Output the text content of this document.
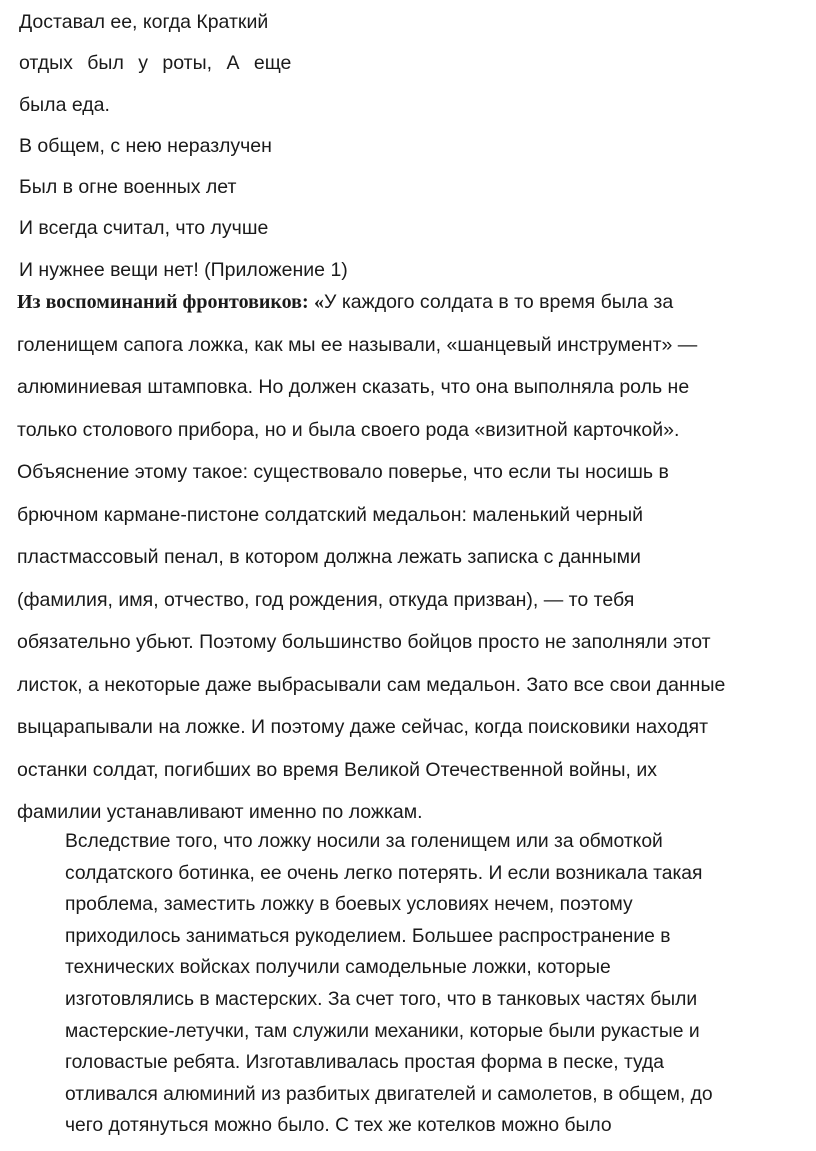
Доставал ее, когда Краткий
отдых был у роты, А еще
была еда.
В общем, с нею неразлучен
Был в огне военных лет
И всегда считал, что лучше
И нужнее вещи нет! (Приложение 1)
Из воспоминаний фронтовиков: «У каждого солдата в то время была за
голенищем сапога ложка, как мы ее называли, «шанцевый инструмент» —
алюминиевая штамповка. Но должен сказать, что она выполняла роль не
только столового прибора, но и была своего рода «визитной карточкой».
Объяснение этому такое: существовало поверье, что если ты носишь в
брючном кармане-пистоне солдатский медальон: маленький черный
пластмассовый пенал, в котором должна лежать записка с данными
(фамилия, имя, отчество, год рождения, откуда призван), — то тебя
обязательно убьют. Поэтому большинство бойцов просто не заполняли этот
листок, а некоторые даже выбрасывали сам медальон. Зато все свои данные
выцарапывали на ложке. И поэтому даже сейчас, когда поисковики находят
останки солдат, погибших во время Великой Отечественной войны, их
фамилии устанавливают именно по ложкам.
Вследствие того, что ложку носили за голенищем или за обмоткой
солдатского ботинка, ее очень легко потерять. И если возникала такая
проблема, заместить ложку в боевых условиях нечем, поэтому
приходилось заниматься рукоделием. Большее распространение в
технических войсках получили самодельные ложки, которые
изготовлялись в мастерских. За счет того, что в танковых частях были
мастерские-летучки, там служили механики, которые были рукастые и
головастые ребята. Изготавливалась простая форма в песке, туда
отливался алюминий из разбитых двигателей и самолетов, в общем, до
чего дотянуться можно было. С тех же котелков можно было
